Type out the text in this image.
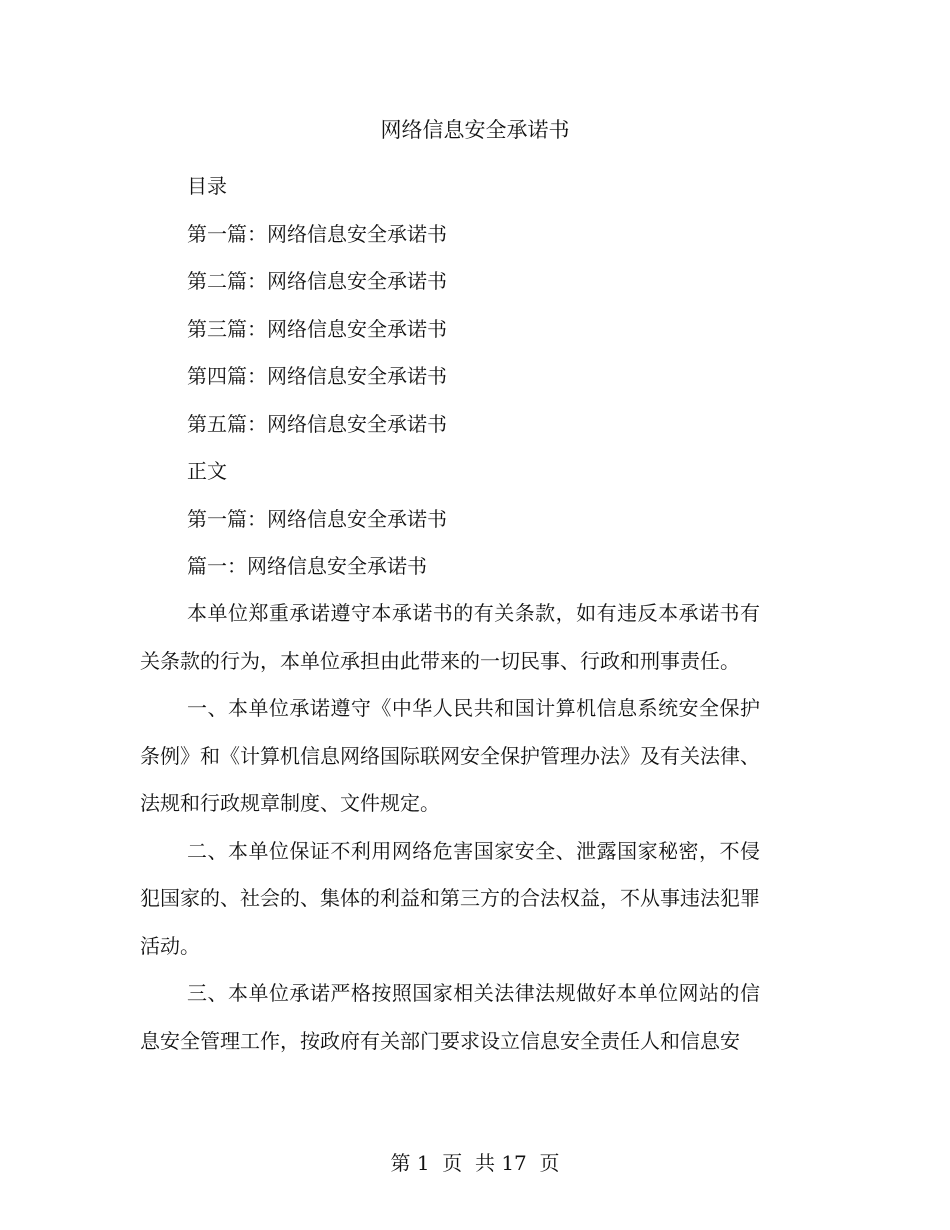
网络信息安全承诺书
目录
第一篇：网络信息安全承诺书
第二篇：网络信息安全承诺书
第三篇：网络信息安全承诺书
第四篇：网络信息安全承诺书
第五篇：网络信息安全承诺书
正文
第一篇：网络信息安全承诺书
篇一：网络信息安全承诺书

本单位郑重承诺遵守本承诺书的有关条款，如有违反本承诺书有关条款的行为，本单位承担由此带来的一切民事、行政和刑事责任。

一、本单位承诺遵守《中华人民共和国计算机信息系统安全保护条例》和《计算机信息网络国际联网安全保护管理办法》及有关法律、法规和行政规章制度、文件规定。

二、本单位保证不利用网络危害国家安全、泄露国家秘密，不侵犯国家的、社会的、集体的利益和第三方的合法权益，不从事违法犯罪活动。

三、本单位承诺严格按照国家相关法律法规做好本单位网站的信息安全管理工作，按政府有关部门要求设立信息安全责任人和信息安

第 1  页  共 17  页
